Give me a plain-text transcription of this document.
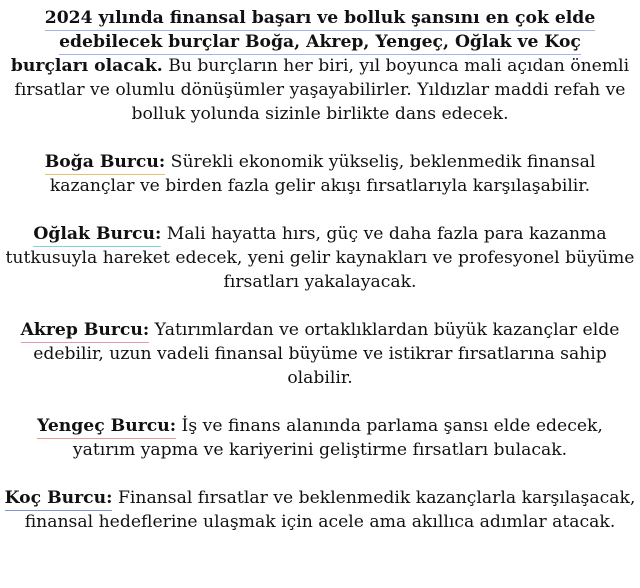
2024 yılında finansal başarı ve bolluk şansını en çok elde
edebilecek burçlar Boğa, Akrep, Yengeç, Oğlak ve Koç
burçları olacak. Bu burçların her biri, yıl boyunca mali açıdan önemli fırsatlar ve olumlu dönüşümler yaşayabilirler. Yıldızlar maddi refah ve bolluk yolunda sizinle birlikte dans edecek.

Boğa Burcu: Sürekli ekonomik yükseliş, beklenmedik finansal kazançlar ve birden fazla gelir akışı fırsatlarıyla karşılaşabilir.

Oğlak Burcu: Mali hayatta hırs, güç ve daha fazla para kazanma tutkusuyla hareket edecek, yeni gelir kaynakları ve profesyonel büyüme fırsatları yakalayacak.

Akrep Burcu: Yatırımlardan ve ortaklıklardan büyük kazançlar elde edebilir, uzun vadeli finansal büyüme ve istikrar fırsatlarına sahip olabilir.

Yengeç Burcu: İş ve finans alanında parlama şansı elde edecek, yatırım yapma ve kariyerini geliştirme fırsatları bulacak.

Koç Burcu: Finansal fırsatlar ve beklenmedik kazançlarla karşılaşacak, finansal hedeflerine ulaşmak için acele ama akıllıca adımlar atacak.
